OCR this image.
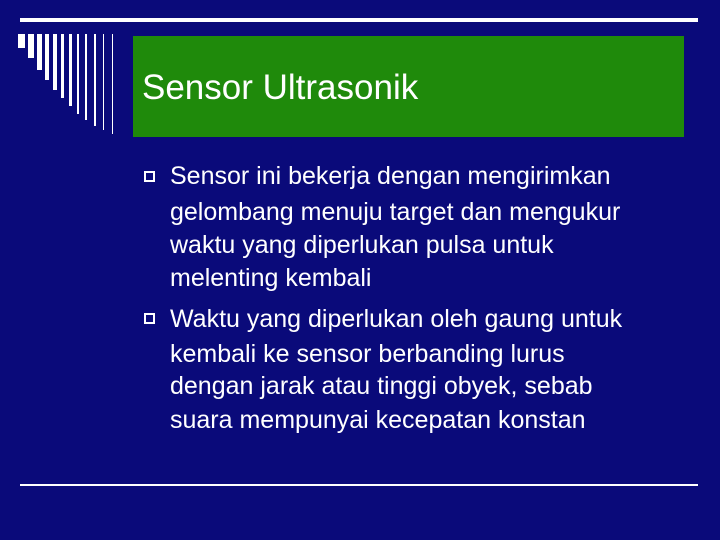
Sensor Ultrasonik
Sensor ini bekerja dengan mengirimkan
gelombang menuju target dan mengukur
waktu yang diperlukan pulsa untuk
melenting kembali
Waktu yang diperlukan oleh gaung untuk
kembali ke sensor berbanding lurus
dengan jarak atau tinggi obyek, sebab
suara mempunyai kecepatan konstan
